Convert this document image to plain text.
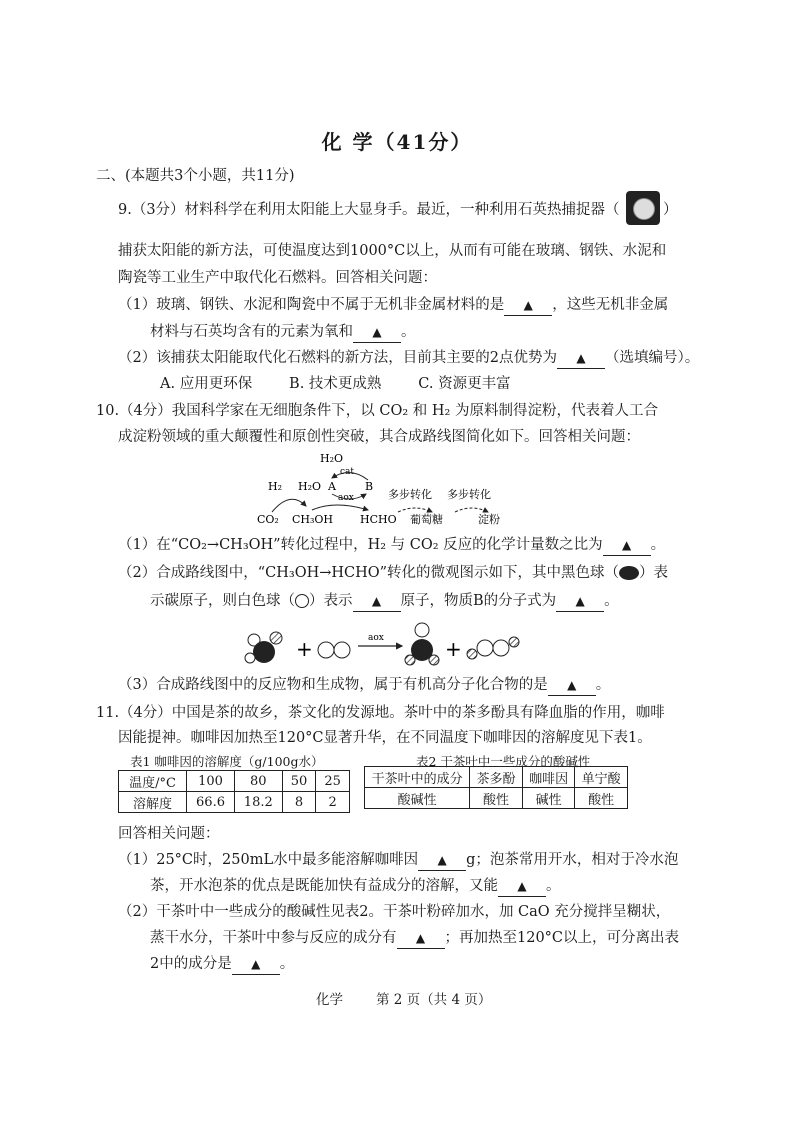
化 学（41分）
二、(本题共3个小题，共11分)
9.（3分）材料科学在利用太阳能上大显身手。最近，一种利用石英热捕捉器（	）
捕获太阳能的新方法，可使温度达到1000°C以上，从而有可能在玻璃、钢铁、水泥和
陶瓷等工业生产中取代化石燃料。回答相关问题：
（1）玻璃、钢铁、水泥和陶瓷中不属于无机非金属材料的是 ▲ ，这些无机非金属
材料与石英均含有的元素为氧和 ▲ 。
（2）该捕获太阳能取代化石燃料的新方法，目前其主要的2点优势为 ▲ （选填编号）。
A. 应用更环保        B. 技术更成熟        C. 资源更丰富
10.（4分）我国科学家在无细胞条件下，以 CO₂ 和 H₂ 为原料制得淀粉，代表着人工合
成淀粉领域的重大颠覆性和原创性突破，其合成路线图简化如下。回答相关问题：
H₂O
cat
H₂ H₂O A	B
aox	多步转化 多步转化
CO₂ CH₃OH HCHO 葡萄糖	淀粉
（1）在“CO₂→CH₃OH”转化过程中，H₂ 与 CO₂ 反应的化学计量数之比为 ▲ 。
（2）合成路线图中，“CH₃OH→HCHO”转化的微观图示如下，其中黑色球（ ）表
示碳原子，则白色球（ ）表示 ▲ 原子，物质B的分子式为 ▲ 。
+	aox	+
（3）合成路线图中的反应物和生成物，属于有机高分子化合物的是 ▲ 。
11.（4分）中国是茶的故乡，茶文化的发源地。茶叶中的茶多酚具有降血脂的作用，咖啡
因能提神。咖啡因加热至120°C显著升华，在不同温度下咖啡因的溶解度见下表1。
表1 咖啡因的溶解度（g/100g水）
温度/°C	100	80	50	25
溶解度	66.6	18.2	8	2
表2 干茶叶中一些成分的酸碱性
干茶叶中的成分	茶多酚	咖啡因	单宁酸
酸碱性	酸性	碱性	酸性
回答相关问题：
（1）25°C时，250mL水中最多能溶解咖啡因 ▲ g；泡茶常用开水，相对于冷水泡
茶，开水泡茶的优点是既能加快有益成分的溶解，又能 ▲ 。
（2）干茶叶中一些成分的酸碱性见表2。干茶叶粉碎加水，加 CaO 充分搅拌呈糊状，
蒸干水分，干茶叶中参与反应的成分有 ▲ ；再加热至120°C以上，可分离出表
2中的成分是 ▲ 。
化学 第 2 页（共 4 页）
